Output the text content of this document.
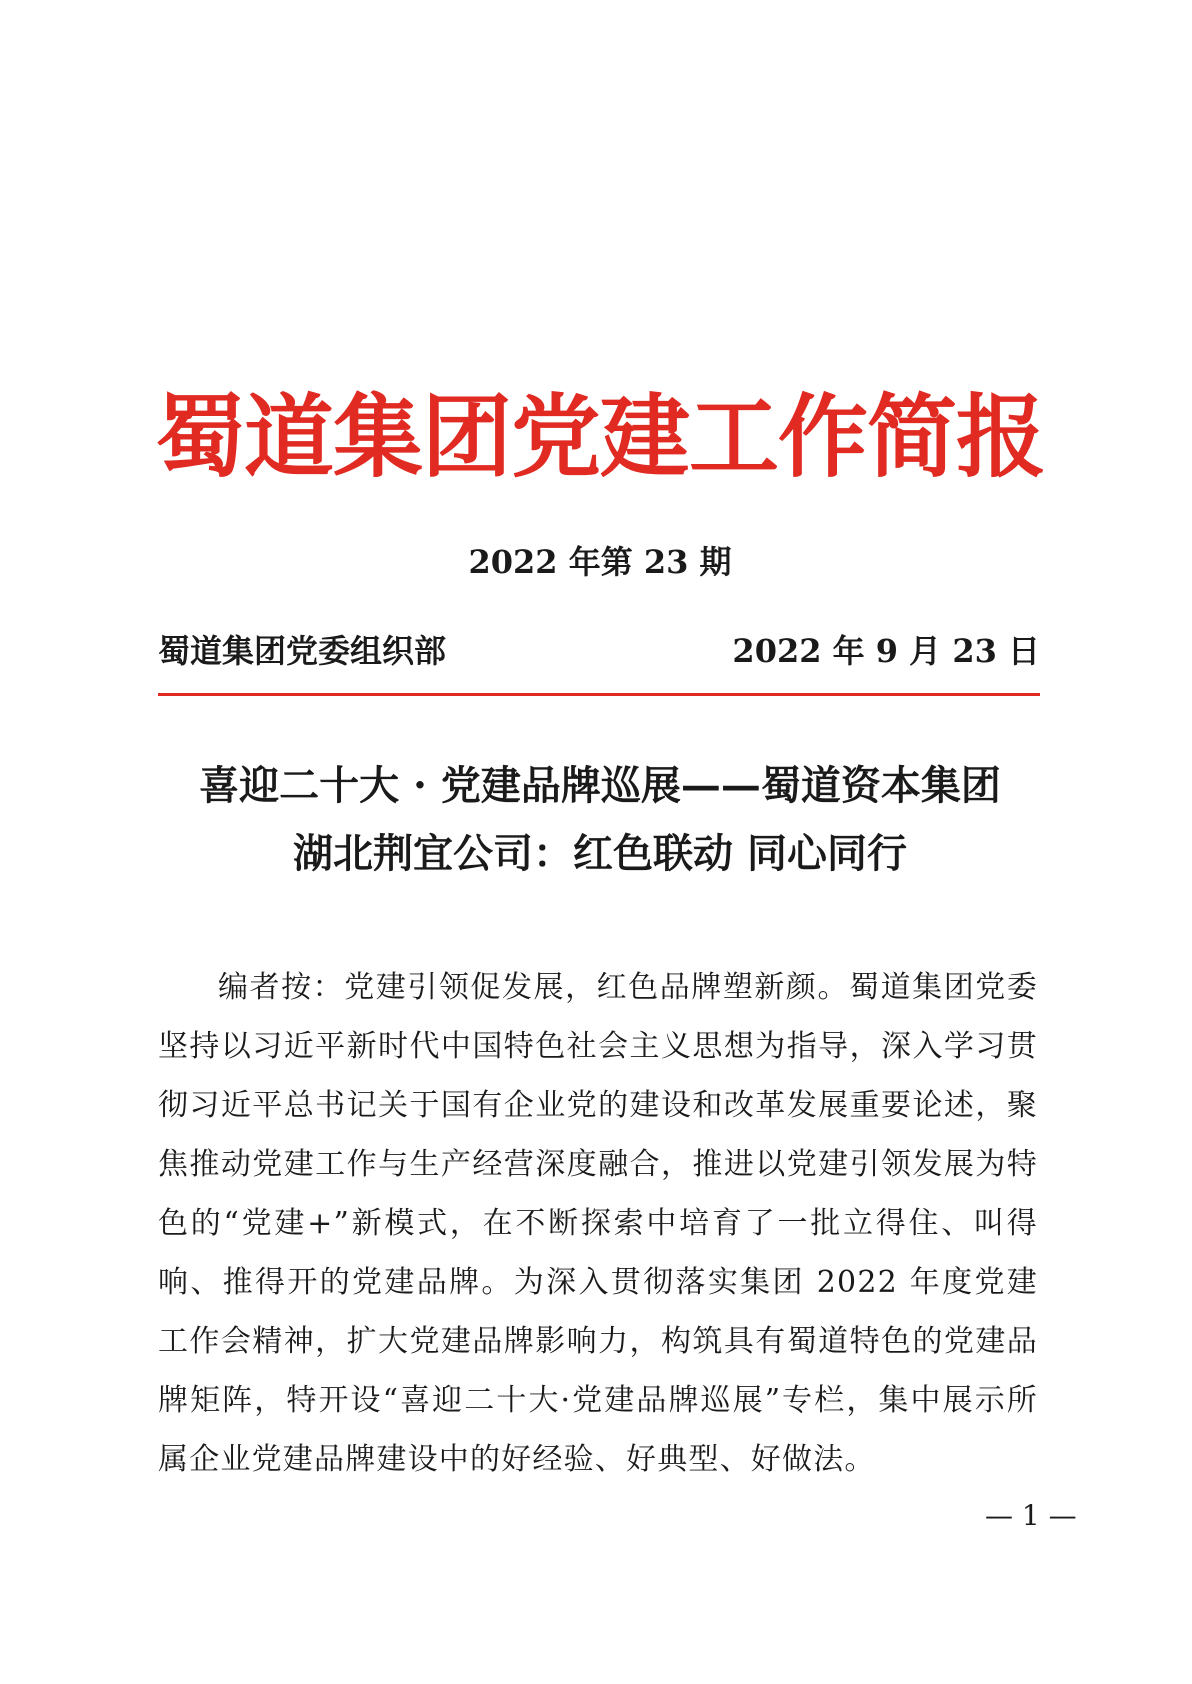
蜀道集团党建工作简报
2022 年第 23 期
蜀道集团党委组织部	2022 年 9 月 23 日
喜迎二十大 · 党建品牌巡展——蜀道资本集团
湖北荆宜公司：红色联动 同心同行

编者按：党建引领促发展，红色品牌塑新颜。蜀道集团党委坚持以习近平新时代中国特色社会主义思想为指导，深入学习贯彻习近平总书记关于国有企业党的建设和改革发展重要论述，聚焦推动党建工作与生产经营深度融合，推进以党建引领发展为特色的“党建+”新模式，在不断探索中培育了一批立得住、叫得响、推得开的党建品牌。为深入贯彻落实集团 2022 年度党建工作会精神，扩大党建品牌影响力，构筑具有蜀道特色的党建品牌矩阵，特开设“喜迎二十大·党建品牌巡展”专栏，集中展示所属企业党建品牌建设中的好经验、好典型、好做法。

— 1 —
